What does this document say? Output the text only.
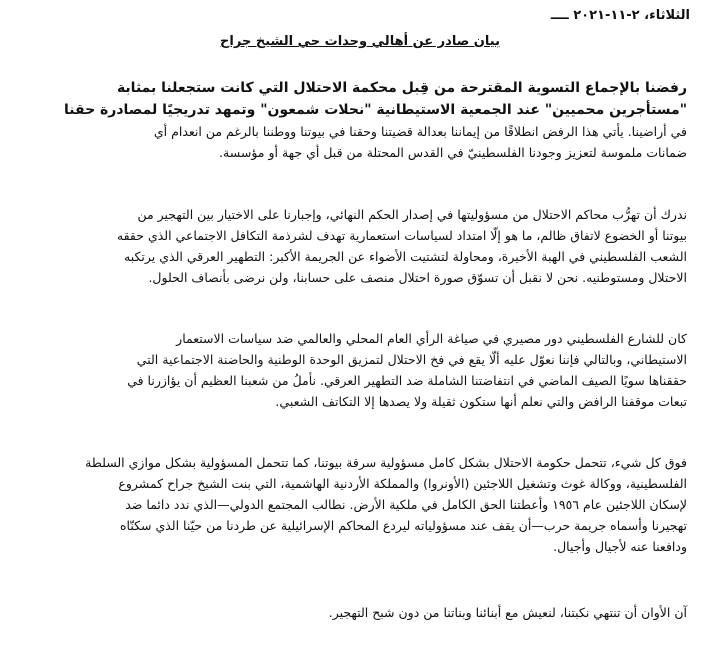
الثلاثاء، ٢-١١-٢٠٢١ ــــ
بيان صادر عن أهالي وحدات حي الشيخ جراح

رفضنا بالإجماع التسوية المقترحة من قِبل محكمة الاحتلال التي كانت ستجعلنا بمثابة
"مستأجرين محميين" عند الجمعية الاستيطانية "نحلات شمعون" وتمهد تدريجيًا لمصادرة حقنا
في أراضينا. يأتي هذا الرفض انطلاقًا من إيماننا بعدالة قضيتنا وحقنا في بيوتنا ووطننا بالرغم من انعدام أي
ضمانات ملموسة لتعزيز وجودنا الفلسطينيّ في القدس المحتلة من قبل أي جهة أو مؤسسة.

ندرك أن تهرُّب محاكم الاحتلال من مسؤوليتها في إصدار الحكم النهائي، وإجبارنا على الاختيار بين التهجير من
بيوتنا أو الخضوع لاتفاق ظالم، ما هو إلّا امتداد لسياسات استعمارية تهدف لشرذمة التكافل الاجتماعي الذي حققه
الشعب الفلسطيني في الهبة الأخيرة، ومحاولة لتشتيت الأضواء عن الجريمة الأكبر: التطهير العرقي الذي يرتكبه
الاحتلال ومستوطنيه. نحن لا نقبل أن تسوّق صورة احتلال منصف على حسابنا، ولن نرضى بأنصاف الحلول.

كان للشارع الفلسطيني دور مصيري في صياغة الرأي العام المحلي والعالمي ضد سياسات الاستعمار
الاستيطاني، وبالتالي فإننا نعوّل عليه ألّا يقع في فخ الاحتلال لتمزيق الوحدة الوطنية والحاضنة الاجتماعية التي
حققناها سويًا الصيف الماضي في انتفاضتنا الشاملة ضد التطهير العرقي. نأملُ من شعبنا العظيم أن يؤازرنا في
تبعات موقفنا الرافض والتي نعلم أنها ستكون ثقيلة ولا يصدها إلا التكاتف الشعبي.

فوق كل شيء، تتحمل حكومة الاحتلال بشكل كامل مسؤولية سرقة بيوتنا، كما تتحمل المسؤولية بشكل موازي السلطة
الفلسطينية، ووكالة غوث وتشغيل اللاجئين (الأونروا) والمملكة الأردنية الهاشمية، التي بنت الشيخ جراح كمشروع
لإسكان اللاجئين عام ١٩٥٦ وأعطتنا الحق الكامل في ملكية الأرض. نطالب المجتمع الدولي—الذي ندد دائما ضد
تهجيرنا وأسماه جريمة حرب—أن يقف عند مسؤولياته ليردع المحاكم الإسرائيلية عن طردنا من حيّنا الذي سكنّاه
ودافعنا عنه لأجيال وأجيال.

آن الأوان أن تنتهي نكبتنا، لنعيش مع أبنائنا وبناتنا من دون شبح التهجير.
